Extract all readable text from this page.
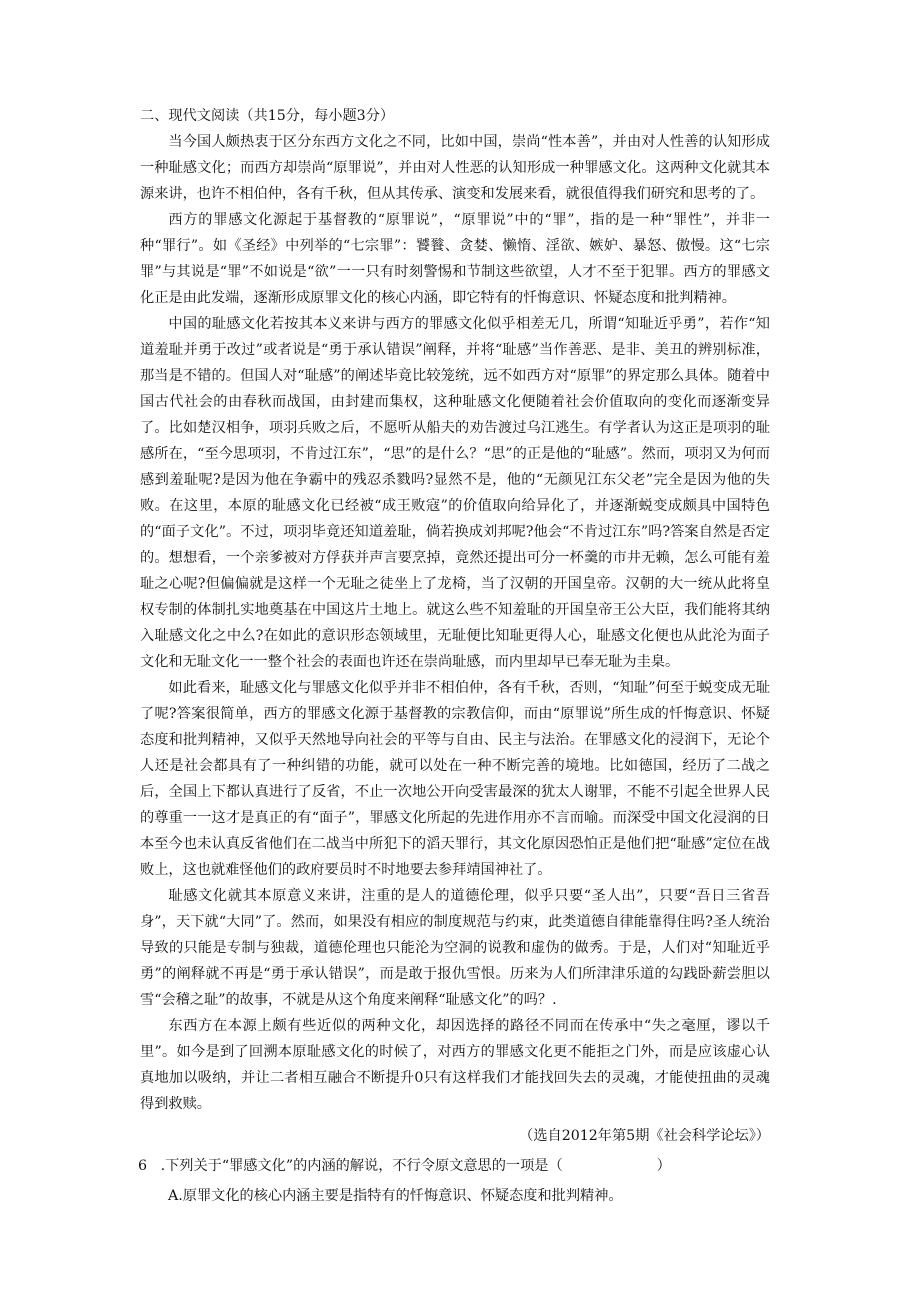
二、现代文阅读（共15分，每小题3分）

当今国人颇热衷于区分东西方文化之不同，比如中国，崇尚“性本善”，并由对人性善的认知形成一种耻感文化；而西方却崇尚“原罪说”，并由对人性恶的认知形成一种罪感文化。这两种文化就其本源来讲，也许不相伯仲，各有千秋，但从其传承、演变和发展来看，就很值得我们研究和思考的了。

西方的罪感文化源起于基督教的“原罪说”，“原罪说”中的“罪”，指的是一种“罪性”，并非一种“罪行”。如《圣经》中列举的“七宗罪”：饕餮、贪婪、懒惰、淫欲、嫉妒、暴怒、傲慢。这“七宗罪”与其说是“罪”不如说是“欲”一一只有时刻警惕和节制这些欲望，人才不至于犯罪。西方的罪感文化正是由此发端，逐渐形成原罪文化的核心内涵，即它特有的忏悔意识、怀疑态度和批判精神。

中国的耻感文化若按其本义来讲与西方的罪感文化似乎相差无几，所谓“知耻近乎勇”，若作“知道羞耻并勇于改过”或者说是“勇于承认错误”阐释，并将“耻感”当作善恶、是非、美丑的辨别标准，那当是不错的。但国人对“耻感”的阐述毕竟比较笼统，远不如西方对“原罪”的界定那么具体。随着中国古代社会的由春秋而战国，由封建而集权，这种耻感文化便随着社会价值取向的变化而逐渐变异了。比如楚汉相争，项羽兵败之后，不愿听从船夫的劝告渡过乌江逃生。有学者认为这正是项羽的耻感所在，“至今思项羽，不肯过江东”，“思”的是什么？“思”的正是他的“耻感”。然而，项羽又为何而感到羞耻呢?是因为他在争霸中的残忍杀戮吗?显然不是，他的“无颜见江东父老”完全是因为他的失败。在这里，本原的耻感文化已经被“成王败寇”的价值取向给异化了，并逐渐蜕变成颇具中国特色的“面子文化”。不过，项羽毕竟还知道羞耻，倘若换成刘邦呢?他会“不肯过江东”吗?答案自然是否定的。想想看，一个亲爹被对方俘获并声言要烹掉，竟然还提出可分一杯羹的市井无赖，怎么可能有羞耻之心呢?但偏偏就是这样一个无耻之徒坐上了龙椅，当了汉朝的开国皇帝。汉朝的大一统从此将皇权专制的体制扎实地奠基在中国这片土地上。就这么些不知羞耻的开国皇帝王公大臣，我们能将其纳入耻感文化之中么?在如此的意识形态领域里，无耻便比知耻更得人心，耻感文化便也从此沦为面子文化和无耻文化一一整个社会的表面也许还在崇尚耻感，而内里却早已奉无耻为圭臬。

如此看来，耻感文化与罪感文化似乎并非不相伯仲，各有千秋，否则，“知耻”何至于蜕变成无耻了呢?答案很简单，西方的罪感文化源于基督教的宗教信仰，而由“原罪说”所生成的忏悔意识、怀疑态度和批判精神，又似乎天然地导向社会的平等与自由、民主与法治。在罪感文化的浸润下，无论个人还是社会都具有了一种纠错的功能，就可以处在一种不断完善的境地。比如德国，经历了二战之后，全国上下都认真进行了反省，不止一次地公开向受害最深的犹太人谢罪，不能不引起全世界人民的尊重一一这才是真正的有“面子”，罪感文化所起的先进作用亦不言而喻。而深受中国文化浸润的日本至今也未认真反省他们在二战当中所犯下的滔天罪行，其文化原因恐怕正是他们把“耻感”定位在战败上，这也就难怪他们的政府要员时不时地要去参拜靖国神社了。

耻感文化就其本原意义来讲，注重的是人的道德伦理，似乎只要“圣人出”，只要“吾日三省吾身”，天下就“大同”了。然而，如果没有相应的制度规范与约束，此类道德自律能靠得住吗?圣人统治导致的只能是专制与独裁，道德伦理也只能沦为空洞的说教和虚伪的做秀。于是，人们对“知耻近乎勇”的阐释就不再是“勇于承认错误”，而是敢于报仇雪恨。历来为人们所津津乐道的勾践卧薪尝胆以雪“会稽之耻”的故事，不就是从这个角度来阐释“耻感文化”的吗？.

东西方在本源上颇有些近似的两种文化，却因选择的路径不同而在传承中“失之毫厘，谬以千里”。如今是到了回溯本原耻感文化的时候了，对西方的罪感文化更不能拒之门外，而是应该虚心认真地加以吸纳，并让二者相互融合不断提升0只有这样我们才能找回失去的灵魂，才能使扭曲的灵魂得到救赎。

（选自2012年第5期《社会科学论坛》）

6 .下列关于“罪感文化”的内涵的解说，不行令原文意思的一项是（	）

A.原罪文化的核心内涵主要是指特有的忏悔意识、怀疑态度和批判精神。
